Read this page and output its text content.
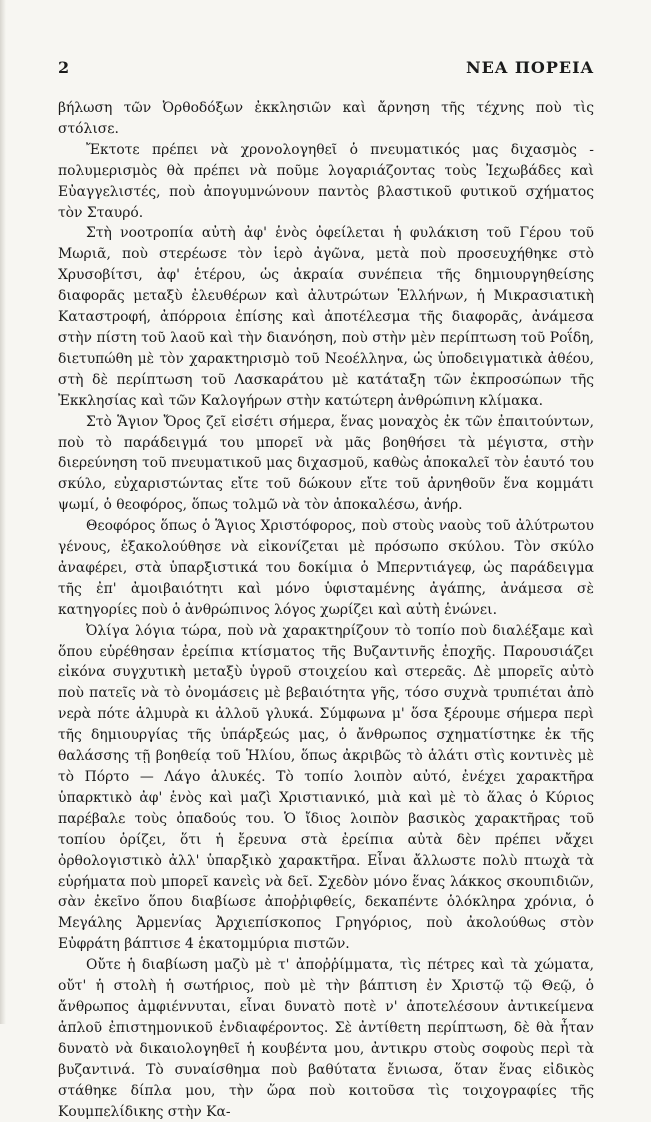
2	ΝΕΑ ΠΟΡΕΙΑ

βήλωση τῶν Ὀρθοδόξων ἐκκλησιῶν καὶ ἄρνηση τῆς τέχνης ποὺ τὶς στόλισε.

Ἔκτοτε πρέπει νὰ χρονολογηθεῖ ὁ πνευματικός μας διχασμὸς - πολυμερισμὸς θὰ πρέπει νὰ ποῦμε λογαριάζοντας τοὺς Ἰεχωβάδες καὶ Εὐαγγελιστές, ποὺ ἀπογυμνώνουν παντὸς βλαστικοῦ φυτικοῦ σχήματος τὸν Σταυρό.

Στὴ νοοτροπία αὐτὴ ἀφ' ἑνὸς ὀφείλεται ἡ φυλάκιση τοῦ Γέρου τοῦ Μωριᾶ, ποὺ στερέωσε τὸν ἱερὸ ἀγῶνα, μετὰ ποὺ προσευχήθηκε στὸ Χρυσοβίτσι, ἀφ' ἑτέρου, ὡς ἀκραία συνέπεια τῆς δημιουργηθείσης διαφορᾶς μεταξὺ ἐλευθέρων καὶ ἀλυτρώτων Ἑλλήνων, ἡ Μικρασιατικὴ Καταστροφή, ἀπόρροια ἐπίσης καὶ ἀποτέλεσμα τῆς διαφορᾶς, ἀνάμεσα στὴν πίστη τοῦ λαοῦ καὶ τὴν διανόηση, ποὺ στὴν μὲν περίπτωση τοῦ Ροΐδη, διετυπώθη μὲ τὸν χαρακτηρισμὸ τοῦ Νεοέλληνα, ὡς ὑποδειγματικὰ ἀθέου, στὴ δὲ περίπτωση τοῦ Λασκαράτου μὲ κατάταξη τῶν ἐκπροσώπων τῆς Ἐκκλησίας καὶ τῶν Καλογήρων στὴν κατώτερη ἀνθρώπινη κλίμακα.

Στὸ Ἅγιον Ὄρος ζεῖ εἰσέτι σήμερα, ἕνας μοναχὸς ἐκ τῶν ἐπαιτούντων, ποὺ τὸ παράδειγμά του μπορεῖ νὰ μᾶς βοηθήσει τὰ μέγιστα, στὴν διερεύνηση τοῦ πνευματικοῦ μας διχασμοῦ, καθὼς ἀποκαλεῖ τὸν ἑαυτό του σκύλο, εὐχαριστώντας εἴτε τοῦ δώκουν εἴτε τοῦ ἀρνηθοῦν ἕνα κομμάτι ψωμί, ὁ θεοφόρος, ὅπως τολμῶ νὰ τὸν ἀποκαλέσω, ἀνήρ.

Θεοφόρος ὅπως ὁ Ἅγιος Χριστόφορος, ποὺ στοὺς ναοὺς τοῦ ἀλύτρωτου γένους, ἐξακολούθησε νὰ εἰκονίζεται μὲ πρόσωπο σκύλου. Τὸν σκύλο ἀναφέρει, στὰ ὑπαρξιστικά του δοκίμια ὁ Μπερντιάγεφ, ὡς παράδειγμα τῆς ἐπ' ἀμοιβαιότητι καὶ μόνο ὑφισταμένης ἀγάπης, ἀνάμεσα σὲ κατηγορίες ποὺ ὁ ἀνθρώπινος λόγος χωρίζει καὶ αὐτὴ ἑνώνει.

Ὀλίγα λόγια τώρα, ποὺ νὰ χαρακτηρίζουν τὸ τοπίο ποὺ διαλέξαμε καὶ ὅπου εὑρέθησαν ἐρείπια κτίσματος τῆς Βυζαντινῆς ἐποχῆς. Παρουσιάζει εἰκόνα συγχυτικὴ μεταξὺ ὑγροῦ στοιχείου καὶ στερεᾶς. Δὲ μπορεῖς αὐτὸ ποὺ πατεῖς νὰ τὸ ὀνομάσεις μὲ βεβαιότητα γῆς, τόσο συχνὰ τρυπιέται ἀπὸ νερὰ πότε ἁλμυρὰ κι ἀλλοῦ γλυκά. Σύμφωνα μ' ὅσα ξέρουμε σήμερα περὶ τῆς δημιουργίας τῆς ὑπάρξεώς μας, ὁ ἄνθρωπος σχηματίστηκε ἐκ τῆς θαλάσσης τῇ βοηθείᾳ τοῦ Ἡλίου, ὅπως ἀκριβῶς τὸ ἁλάτι στὶς κοντινὲς μὲ τὸ Πόρτο — Λάγο ἁλυκές. Τὸ τοπίο λοιπὸν αὐτό, ἐνέχει χαρακτῆρα ὑπαρκτικὸ ἀφ' ἑνὸς καὶ μαζὶ Χριστιανικό, μιὰ καὶ μὲ τὸ ἅλας ὁ Κύριος παρέβαλε τοὺς ὀπαδούς του. Ὁ ἴδιος λοιπὸν βασικὸς χαρακτῆρας τοῦ τοπίου ὁρίζει, ὅτι ἡ ἔρευνα στὰ ἐρείπια αὐτὰ δὲν πρέπει νἄχει ὀρθολογιστικὸ ἀλλ' ὑπαρξικὸ χαρακτῆρα. Εἶναι ἄλλωστε πολὺ πτωχὰ τὰ εὑρήματα ποὺ μπορεῖ κανεὶς νὰ δεῖ. Σχεδὸν μόνο ἕνας λάκκος σκουπιδιῶν, σὰν ἐκεῖνο ὅπου διαβίωσε ἀποῤῥιφθείς, δεκαπέντε ὁλόκληρα χρόνια, ὁ Μεγάλης Ἀρμενίας Ἀρχιεπίσκοπος Γρηγόριος, ποὺ ἀκολούθως στὸν Εὐφράτη βάπτισε 4 ἑκατομμύρια πιστῶν.

Οὔτε ἡ διαβίωση μαζὺ μὲ τ' ἀποῤῥίμματα, τὶς πέτρες καὶ τὰ χώματα, οὔτ' ἡ στολὴ ἡ σωτήριος, ποὺ μὲ τὴν βάπτιση ἐν Χριστῷ τῷ Θεῷ, ὁ ἄνθρωπος ἀμφιέννυται, εἶναι δυνατὸ ποτὲ ν' ἀποτελέσουν ἀντικείμενα ἁπλοῦ ἐπιστημονικοῦ ἐνδιαφέροντος. Σὲ ἀντίθετη περίπτωση, δὲ θὰ ἦταν δυνατὸ νὰ δικαιολογηθεῖ ἡ κουβέντα μου, ἀντικρυ στοὺς σοφοὺς περὶ τὰ βυζαντινά. Τὸ συναίσθημα ποὺ βαθύτατα ἔνιωσα, ὅταν ἕνας εἰδικὸς στάθηκε δίπλα μου, τὴν ὥρα ποὺ κοιτοῦσα τὶς τοιχογραφίες τῆς Κουμπελίδικης στὴν Κα-
